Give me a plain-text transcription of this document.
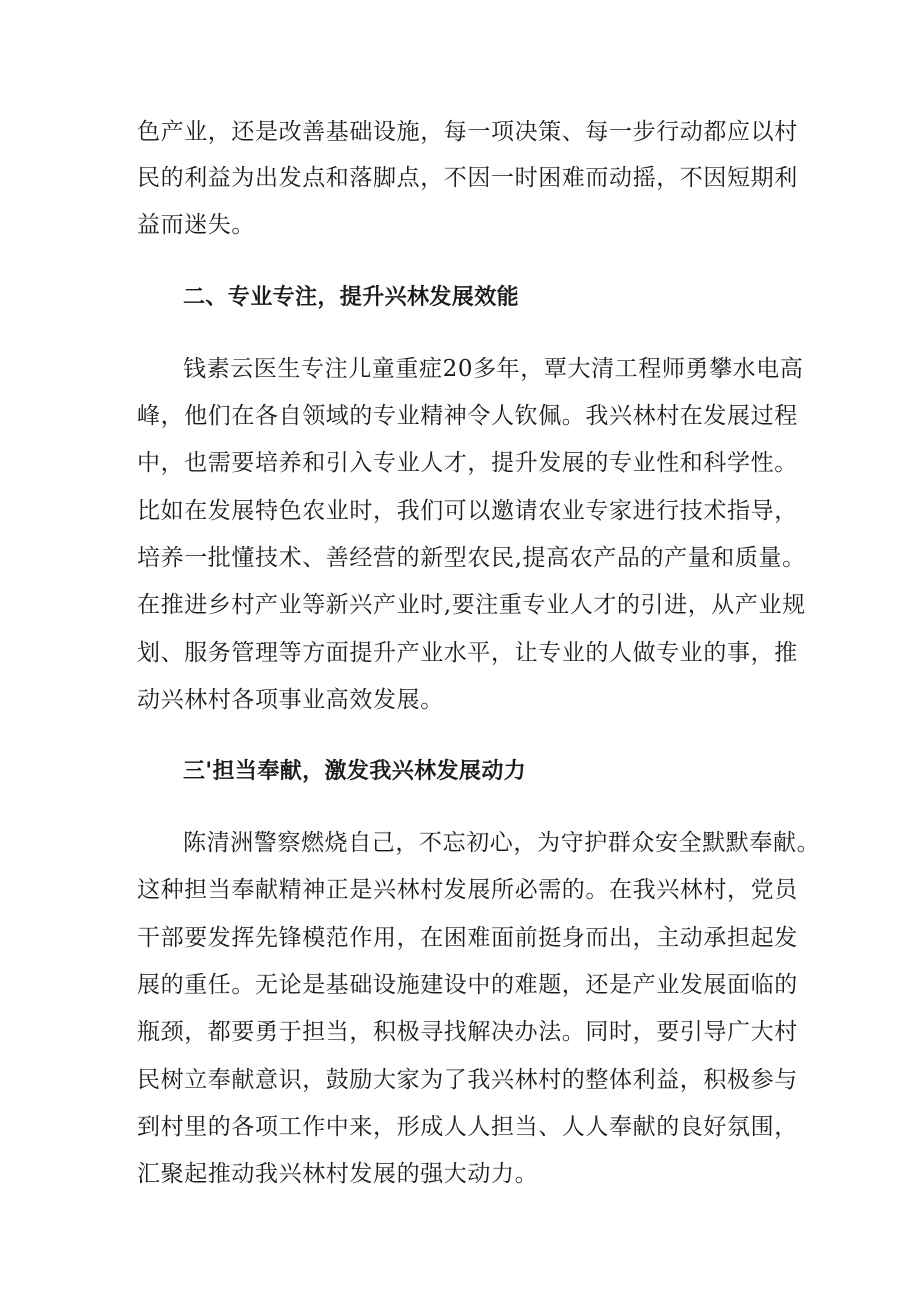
色产业，还是改善基础设施，每一项决策、每一步行动都应以村
民的利益为出发点和落脚点，不因一时困难而动摇，不因短期利
益而迷失。
二、专业专注，提升兴林发展效能
钱素云医生专注儿童重症20多年，覃大清工程师勇攀水电高
峰，他们在各自领域的专业精神令人钦佩。我兴林村在发展过程
中，也需要培养和引入专业人才，提升发展的专业性和科学性。
比如在发展特色农业时，我们可以邀请农业专家进行技术指导，
培养一批懂技术、善经营的新型农民,提高农产品的产量和质量。
在推进乡村产业等新兴产业时,要注重专业人才的引进，从产业规
划、服务管理等方面提升产业水平，让专业的人做专业的事，推
动兴林村各项事业高效发展。
三'担当奉献，激发我兴林发展动力
陈清洲警察燃烧自己，不忘初心，为守护群众安全默默奉献。
这种担当奉献精神正是兴林村发展所必需的。在我兴林村，党员
干部要发挥先锋模范作用，在困难面前挺身而出，主动承担起发
展的重任。无论是基础设施建设中的难题，还是产业发展面临的
瓶颈，都要勇于担当，积极寻找解决办法。同时，要引导广大村
民树立奉献意识，鼓励大家为了我兴林村的整体利益，积极参与
到村里的各项工作中来，形成人人担当、人人奉献的良好氛围，
汇聚起推动我兴林村发展的强大动力。
